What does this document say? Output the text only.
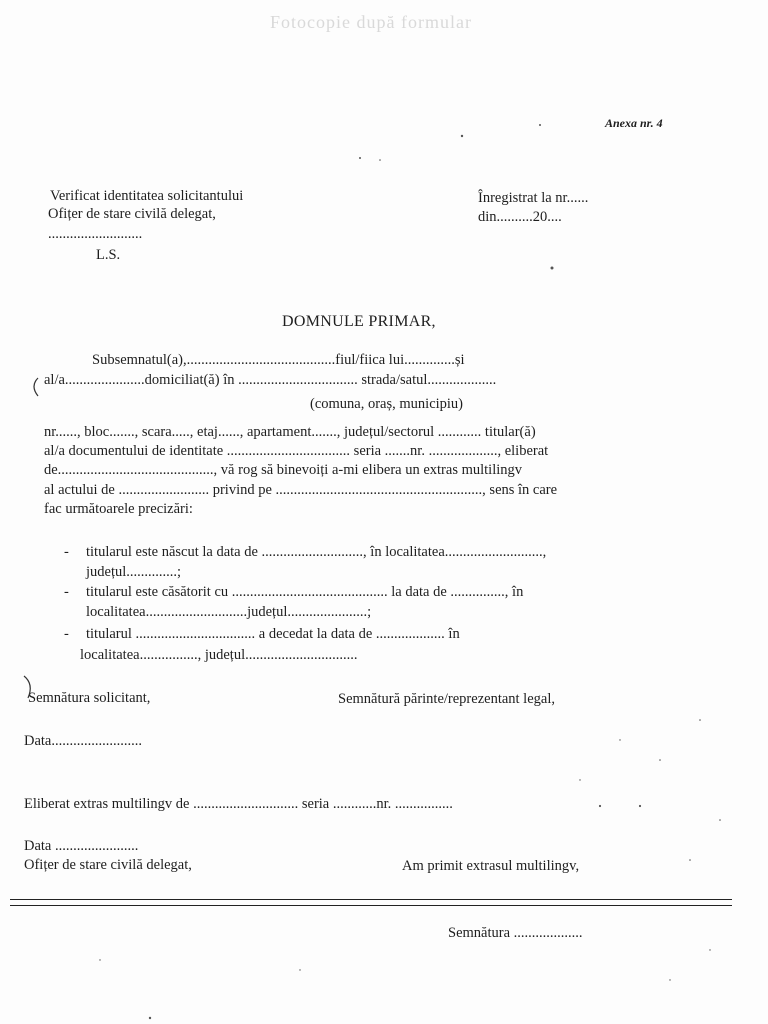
Fotocopie după formular
Anexa nr. 4
Verificat identitatea solicitantului
Ofițer de stare civilă delegat,
..........................
L.S.
Înregistrat la nr......
din..........20....
DOMNULE PRIMAR,
Subsemnatul(a),.........................................fiul/fiica lui..............și
al/a......................domiciliat(ă) în ................................. strada/satul...................
(comuna, oraș, municipiu)
nr......, bloc......., scara....., etaj......, apartament......., județul/sectorul ............ titular(ă)
al/a documentului de identitate .................................. seria .......nr. ..................., eliberat
de..........................................., vă rog să binevoiți a-mi elibera un extras multilingv
al actului de ......................... privind pe ........................................................., sens în care
fac următoarele precizări:
- titularul este născut la data de ............................, în localitatea...........................,
județul..............;
- titularul este căsătorit cu ........................................... la data de ..............., în
localitatea............................județul......................;
- titularul ................................. a decedat la data de ................... în
localitatea................, județul...............................
Semnătura solicitant,	Semnătură părinte/reprezentant legal,
Data.........................
Eliberat extras multilingv de ............................. seria ............nr. ................
Data .......................
Ofițer de stare civilă delegat,	Am primit extrasul multilingv,
Semnătura ...................
